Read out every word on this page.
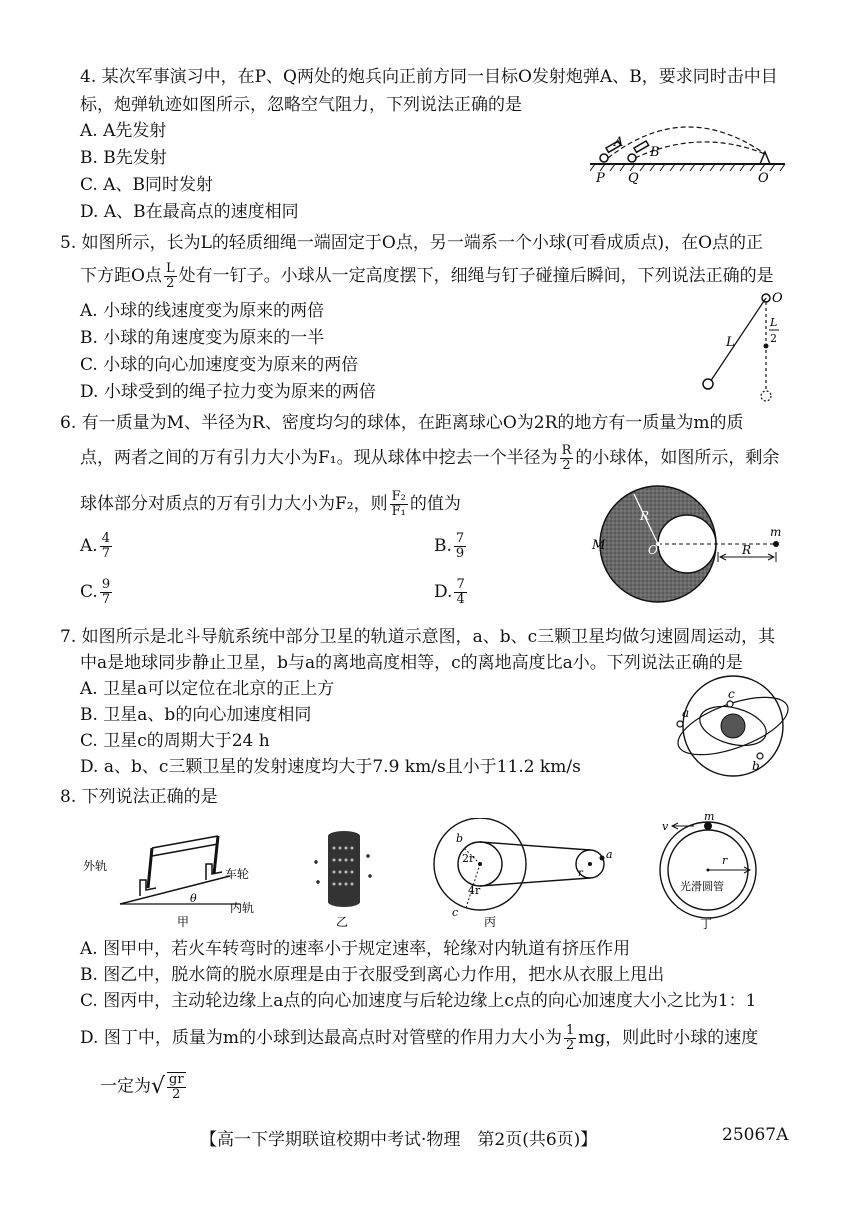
4. 某次军事演习中，在P、Q两处的炮兵向正前方同一目标O发射炮弹A、B，要求同时击中目
标，炮弹轨迹如图所示，忽略空气阻力，下列说法正确的是
A. A先发射
B. B先发射
C. A、B同时发射
D. A、B在最高点的速度相同
A
B
P Q	O
5. 如图所示，长为L的轻质细绳一端固定于O点，另一端系一个小球(可看成质点)，在O点的正
下方距O点 $\frac{L}{2}$ 处有一钉子。小球从一定高度摆下，细绳与钉子碰撞后瞬间，下列说法正确的是
A. 小球的线速度变为原来的两倍
B. 小球的角速度变为原来的一半
C. 小球的向心加速度变为原来的两倍
D. 小球受到的绳子拉力变为原来的两倍
O
L
L
2
6. 有一质量为M、半径为R、密度均匀的球体，在距离球心O为2R的地方有一质量为m的质
点，两者之间的万有引力大小为F₁。现从球体中挖去一个半径为 $\frac{R}{2}$ 的小球体，如图所示，剩余
球体部分对质点的万有引力大小为F₂，则 $\frac{\text{F₂}}{\text{F₁}}$ 的值为
A. $\frac{4}{7}$	B. $\frac{7}{9}$
C. $\frac{9}{7}$	D. $\frac{7}{4}$
M	O
R
R
m
7. 如图所示是北斗导航系统中部分卫星的轨道示意图，a、b、c三颗卫星均做匀速圆周运动，其
中a是地球同步静止卫星，b与a的离地高度相等，c的离地高度比a小。下列说法正确的是
A. 卫星a可以定位在北京的正上方
B. 卫星a、b的向心加速度相同
C. 卫星c的周期大于24 h
D. a、b、c三颗卫星的发射速度均大于7.9 km/s且小于11.2 km/s
a
c
b
8. 下列说法正确的是
外轨
车轮
内轨
θ
甲	乙
b
2r
4r
c
a
r
丙
v
m
r
光滑圆管
丁
A. 图甲中，若火车转弯时的速率小于规定速率，轮缘对内轨道有挤压作用
B. 图乙中，脱水筒的脱水原理是由于衣服受到离心力作用，把水从衣服上甩出
C. 图丙中，主动轮边缘上a点的向心加速度与后轮边缘上c点的向心加速度大小之比为1：1
D. 图丁中，质量为m的小球到达最高点时对管壁的作用力大小为 $\frac{1}{2}$ mg，则此时小球的速度
一定为√ $\frac{gr}{2}$
【高一下学期联谊校期中考试·物理　第2页(共6页)】	25067A
